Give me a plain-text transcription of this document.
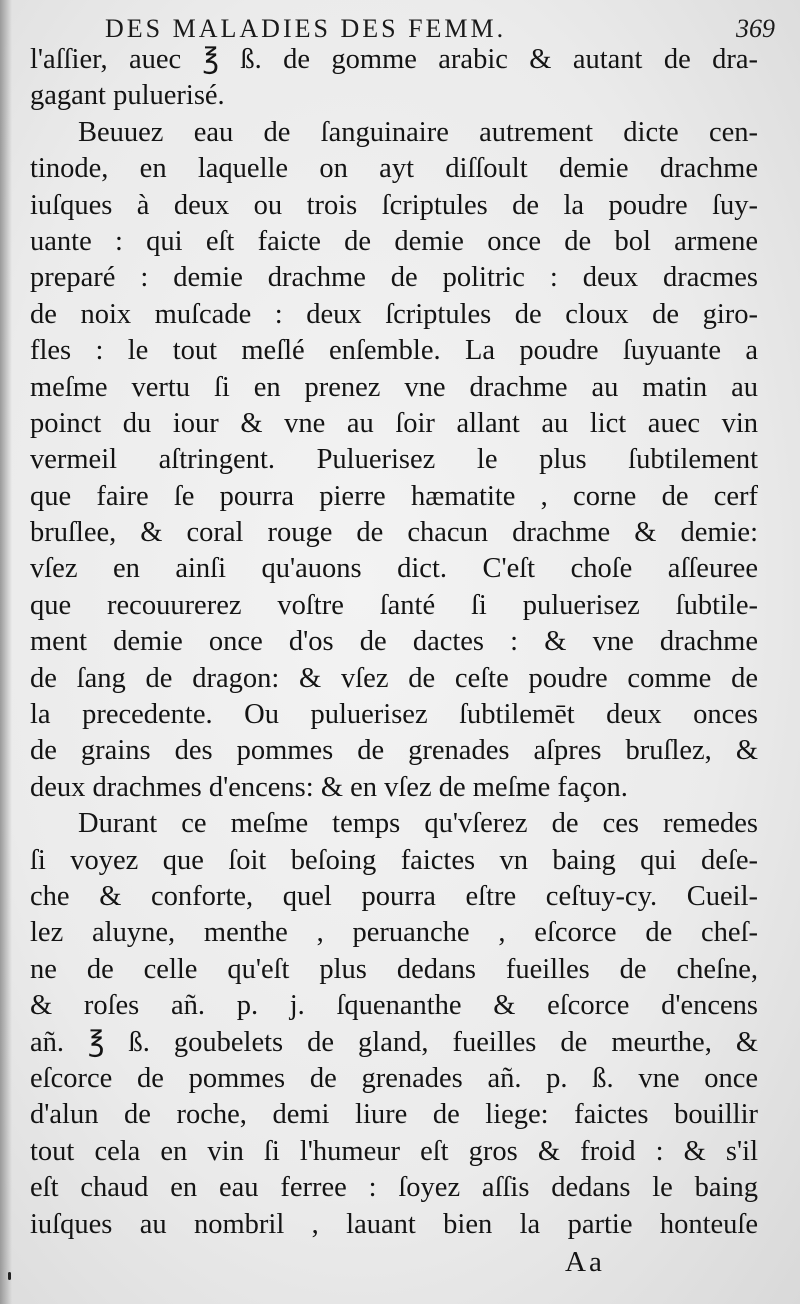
DES MALADIES DES FEMM.	369
l'aſſier, auec ℥ ß. de gomme arabic & autant de dra-
gagant puluerisé.
Beuuez eau de ſanguinaire autrement dicte cen-
tinode, en laquelle on ayt diſſoult demie drachme
iuſques à deux ou trois ſcriptules de la poudre ſuy-
uante : qui eſt faicte de demie once de bol armene
preparé : demie drachme de politric : deux dracmes
de noix muſcade : deux ſcriptules de cloux de giro-
fles : le tout meſlé enſemble. La poudre ſuyuante a
meſme vertu ſi en prenez vne drachme au matin au
poinct du iour & vne au ſoir allant au lict auec vin
vermeil aſtringent. Puluerisez le plus ſubtilement
que faire ſe pourra pierre hæmatite , corne de cerf
bruſlee, & coral rouge de chacun drachme & demie:
vſez en ainſi qu'auons dict. C'eſt choſe aſſeuree
que recouurerez voſtre ſanté ſi puluerisez ſubtile-
ment demie once d'os de dactes : & vne drachme
de ſang de dragon: & vſez de ceſte poudre comme de
la precedente. Ou puluerisez ſubtilemēt deux onces
de grains des pommes de grenades aſpres bruſlez, &
deux drachmes d'encens: & en vſez de meſme façon.
Durant ce meſme temps qu'vſerez de ces remedes
ſi voyez que ſoit beſoing faictes vn baing qui deſe-
che & conforte, quel pourra eſtre ceſtuy-cy. Cueil-
lez aluyne, menthe , peruanche , eſcorce de cheſ-
ne de celle qu'eſt plus dedans fueilles de cheſne,
& roſes añ. p. j. ſquenanthe & eſcorce d'encens
añ. ℥ ß. goubelets de gland, fueilles de meurthe, &
eſcorce de pommes de grenades añ. p. ß. vne once
d'alun de roche, demi liure de liege: faictes bouillir
tout cela en vin ſi l'humeur eſt gros & froid : & s'il
eſt chaud en eau ferree : ſoyez aſſis dedans le baing
iuſques au nombril , lauant bien la partie honteuſe
Aa
